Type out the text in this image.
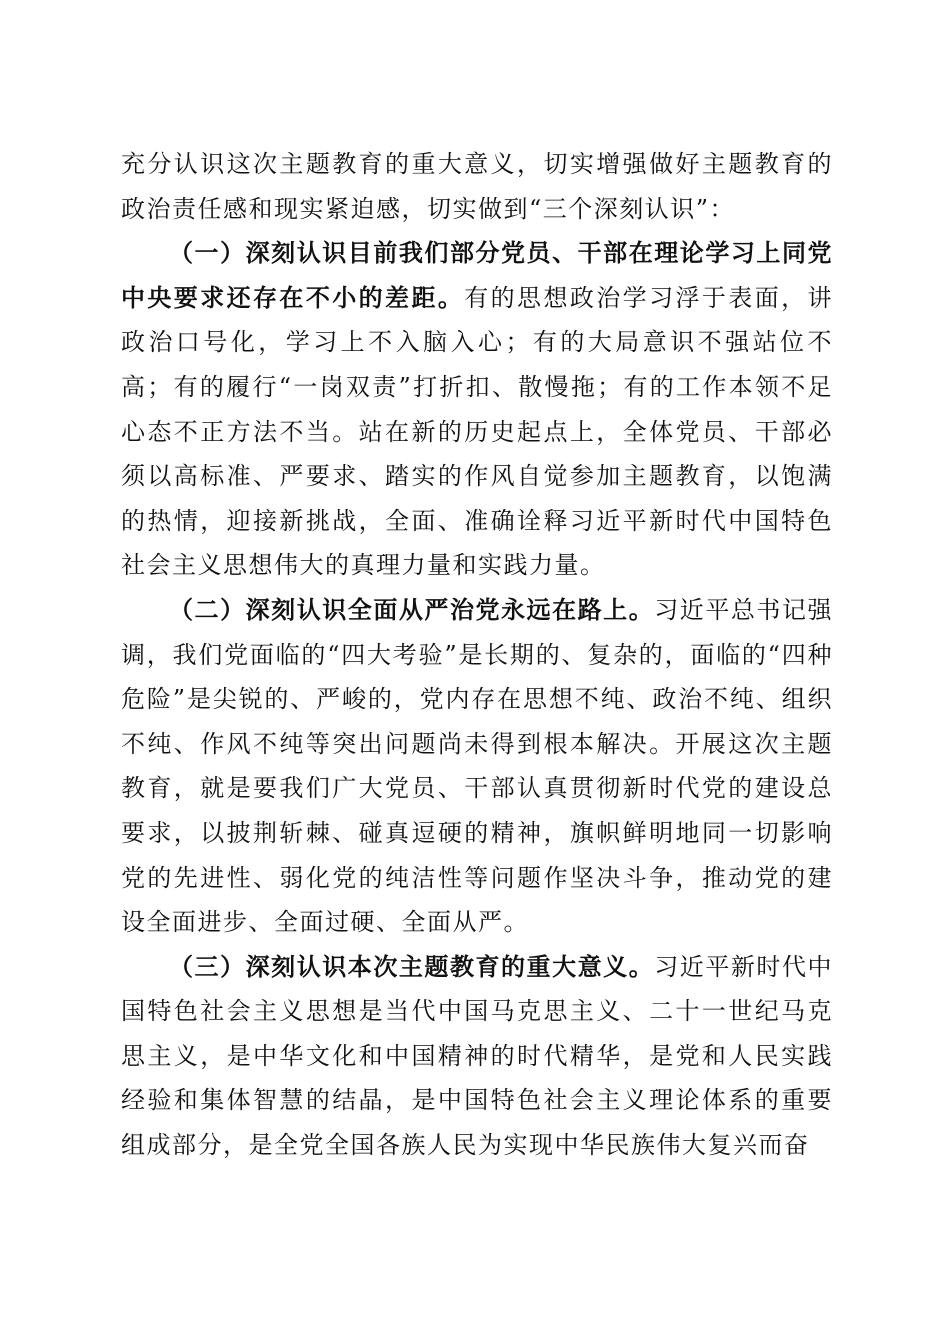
充分认识这次主题教育的重大意义，切实增强做好主题教育的政治责任感和现实紧迫感，切实做到“三个深刻认识”：

（一）深刻认识目前我们部分党员、干部在理论学习上同党中央要求还存在不小的差距。有的思想政治学习浮于表面，讲政治口号化，学习上不入脑入心；有的大局意识不强站位不高；有的履行“一岗双责”打折扣、散慢拖；有的工作本领不足心态不正方法不当。站在新的历史起点上，全体党员、干部必须以高标准、严要求、踏实的作风自觉参加主题教育，以饱满的热情，迎接新挑战，全面、准确诠释习近平新时代中国特色社会主义思想伟大的真理力量和实践力量。

（二）深刻认识全面从严治党永远在路上。习近平总书记强调，我们党面临的“四大考验”是长期的、复杂的，面临的“四种危险”是尖锐的、严峻的，党内存在思想不纯、政治不纯、组织不纯、作风不纯等突出问题尚未得到根本解决。开展这次主题教育，就是要我们广大党员、干部认真贯彻新时代党的建设总要求，以披荆斩棘、碰真逗硬的精神，旗帜鲜明地同一切影响党的先进性、弱化党的纯洁性等问题作坚决斗争，推动党的建设全面进步、全面过硬、全面从严。

（三）深刻认识本次主题教育的重大意义。习近平新时代中国特色社会主义思想是当代中国马克思主义、二十一世纪马克思主义，是中华文化和中国精神的时代精华，是党和人民实践经验和集体智慧的结晶，是中国特色社会主义理论体系的重要组成部分，是全党全国各族人民为实现中华民族伟大复兴而奋
